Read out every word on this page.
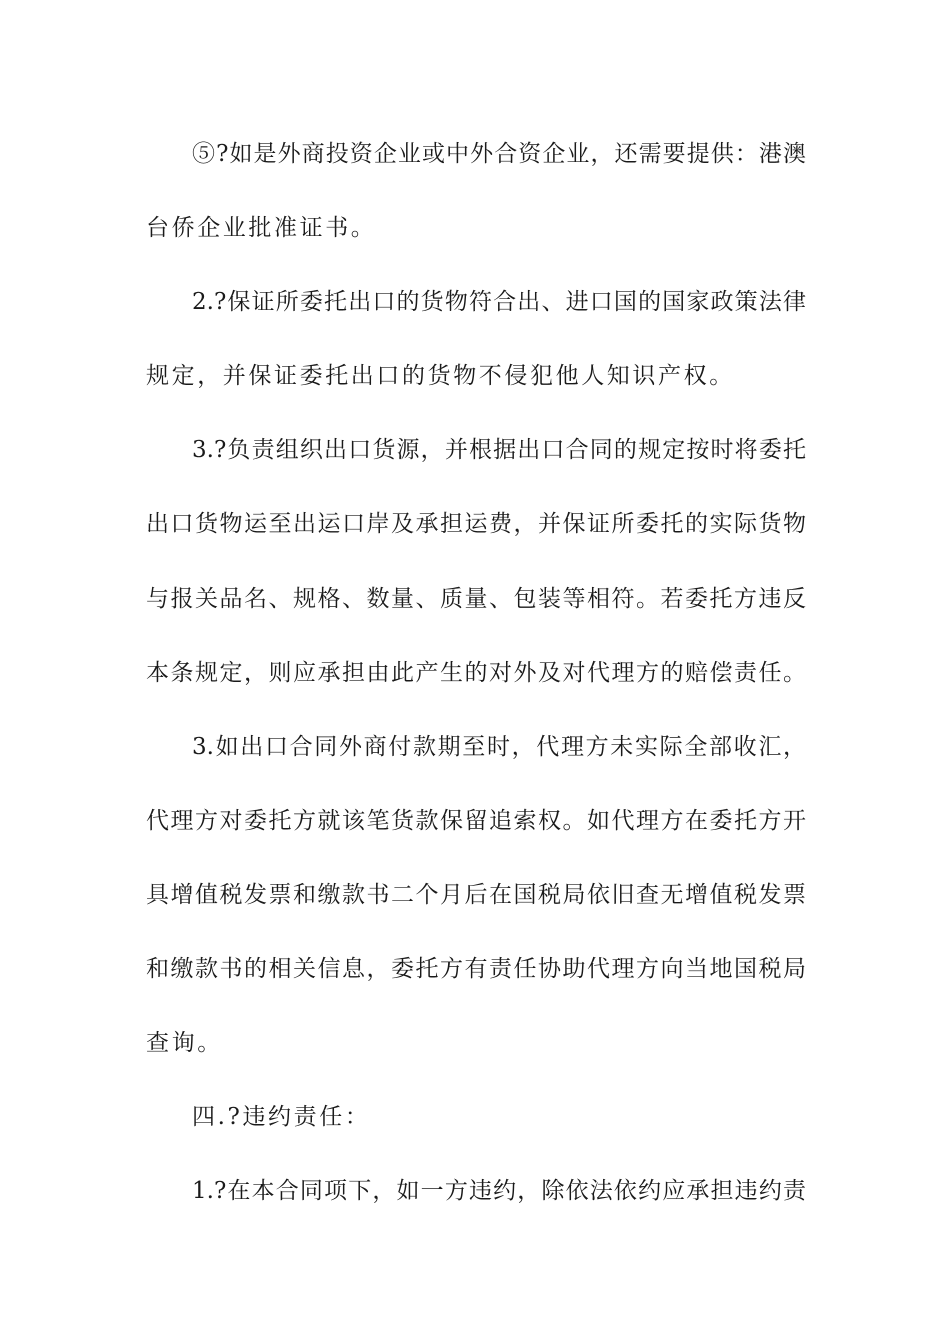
⑤?如是外商投资企业或中外合资企业，还需要提供：港澳

台侨企业批准证书。

2.?保证所委托出口的货物符合出、进口国的国家政策法律

规定，并保证委托出口的货物不侵犯他人知识产权。

3.?负责组织出口货源，并根据出口合同的规定按时将委托

出口货物运至出运口岸及承担运费，并保证所委托的实际货物

与报关品名、规格、数量、质量、包装等相符。若委托方违反

本条规定，则应承担由此产生的对外及对代理方的赔偿责任。

3.如出口合同外商付款期至时，代理方未实际全部收汇，

代理方对委托方就该笔货款保留追索权。如代理方在委托方开

具增值税发票和缴款书二个月后在国税局依旧查无增值税发票

和缴款书的相关信息，委托方有责任协助代理方向当地国税局

查询。

四.?违约责任：

1.?在本合同项下，如一方违约，除依法依约应承担违约责
